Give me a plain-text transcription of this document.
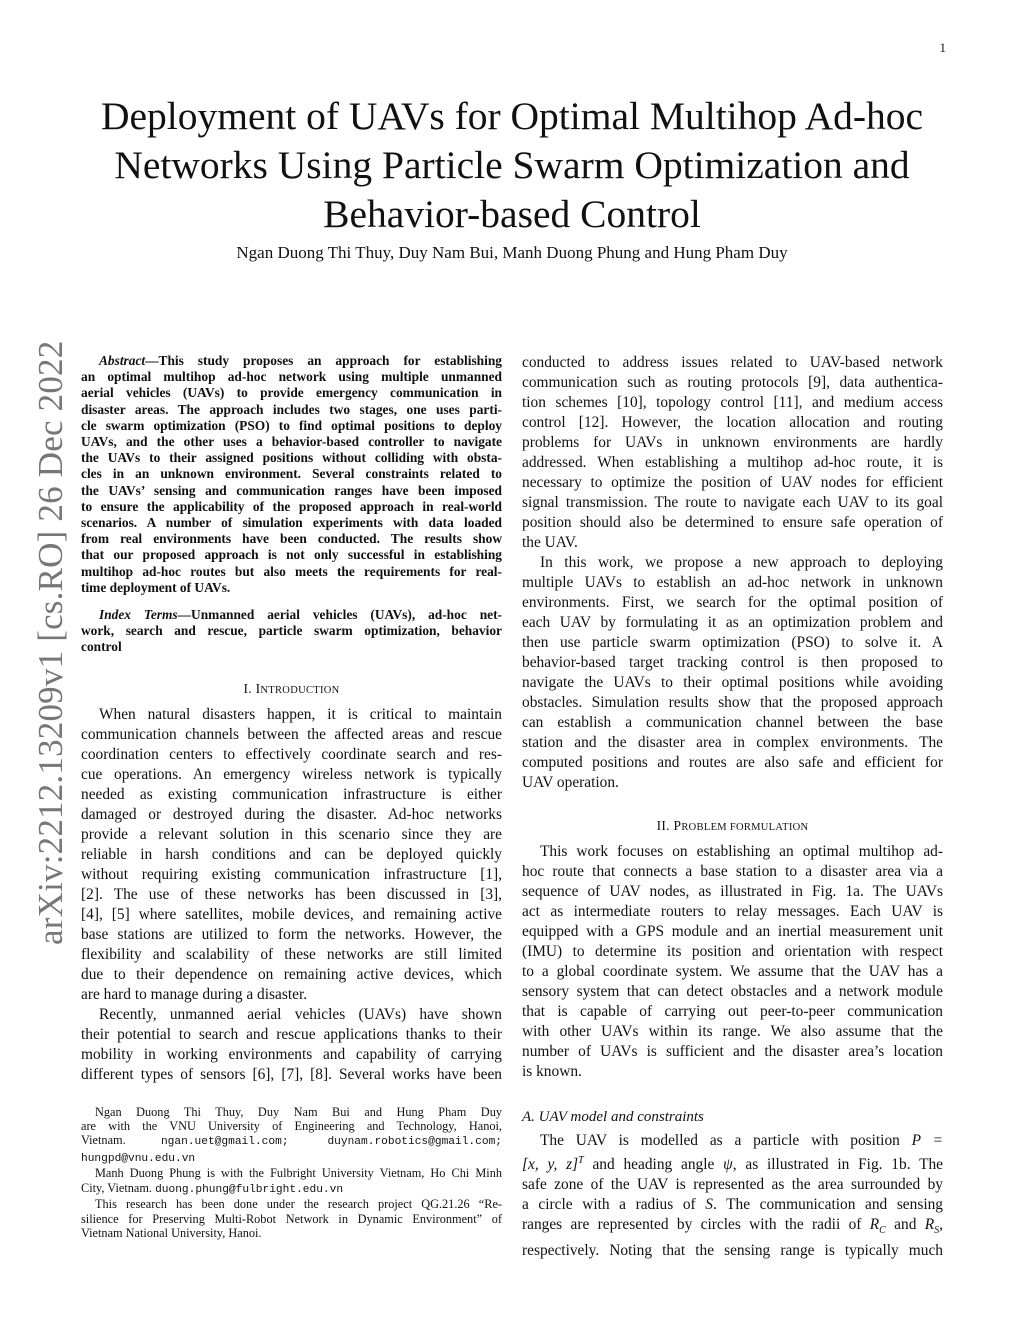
1
Deployment of UAVs for Optimal Multihop Ad-hoc
Networks Using Particle Swarm Optimization and
Behavior-based Control
Ngan Duong Thi Thuy, Duy Nam Bui, Manh Duong Phung and Hung Pham Duy
arXiv:2212.13209v1 [cs.RO] 26 Dec 2022	Abstract—This study proposes an approach for establishing
an optimal multihop ad-hoc network using multiple unmanned
aerial vehicles (UAVs) to provide emergency communication in
disaster areas. The approach includes two stages, one uses parti-
cle swarm optimization (PSO) to find optimal positions to deploy
UAVs, and the other uses a behavior-based controller to navigate
the UAVs to their assigned positions without colliding with obsta-
cles in an unknown environment. Several constraints related to
the UAVs’ sensing and communication ranges have been imposed
to ensure the applicability of the proposed approach in real-world
scenarios. A number of simulation experiments with data loaded
from real environments have been conducted. The results show
that our proposed approach is not only successful in establishing
multihop ad-hoc routes but also meets the requirements for real-
time deployment of UAVs.
Index Terms—Unmanned aerial vehicles (UAVs), ad-hoc net-
work, search and rescue, particle swarm optimization, behavior
control
I. INTRODUCTION
When natural disasters happen, it is critical to maintain
communication channels between the affected areas and rescue
coordination centers to effectively coordinate search and res-
cue operations. An emergency wireless network is typically
needed as existing communication infrastructure is either
damaged or destroyed during the disaster. Ad-hoc networks
provide a relevant solution in this scenario since they are
reliable in harsh conditions and can be deployed quickly
without requiring existing communication infrastructure [1],
[2]. The use of these networks has been discussed in [3],
[4], [5] where satellites, mobile devices, and remaining active
base stations are utilized to form the networks. However, the
flexibility and scalability of these networks are still limited
due to their dependence on remaining active devices, which
are hard to manage during a disaster.
Recently, unmanned aerial vehicles (UAVs) have shown
their potential to search and rescue applications thanks to their
mobility in working environments and capability of carrying
different types of sensors [6], [7], [8]. Several works have been
Ngan Duong Thi Thuy, Duy Nam Bui and Hung Pham Duy
are with the VNU University of Engineering and Technology, Hanoi,
Vietnam. ngan.uet@gmail.com; duynam.robotics@gmail.com;
hungpd@vnu.edu.vn
Manh Duong Phung is with the Fulbright University Vietnam, Ho Chi Minh
City, Vietnam. duong.phung@fulbright.edu.vn
This research has been done under the research project QG.21.26 “Re-
silience for Preserving Multi-Robot Network in Dynamic Environment” of
Vietnam National University, Hanoi.
conducted to address issues related to UAV-based network
communication such as routing protocols [9], data authentica-
tion schemes [10], topology control [11], and medium access
control [12]. However, the location allocation and routing
problems for UAVs in unknown environments are hardly
addressed. When establishing a multihop ad-hoc route, it is
necessary to optimize the position of UAV nodes for efficient
signal transmission. The route to navigate each UAV to its goal
position should also be determined to ensure safe operation of
the UAV.
In this work, we propose a new approach to deploying
multiple UAVs to establish an ad-hoc network in unknown
environments. First, we search for the optimal position of
each UAV by formulating it as an optimization problem and
then use particle swarm optimization (PSO) to solve it. A
behavior-based target tracking control is then proposed to
navigate the UAVs to their optimal positions while avoiding
obstacles. Simulation results show that the proposed approach
can establish a communication channel between the base
station and the disaster area in complex environments. The
computed positions and routes are also safe and efficient for
UAV operation.
II. PROBLEM FORMULATION
This work focuses on establishing an optimal multihop ad-
hoc route that connects a base station to a disaster area via a
sequence of UAV nodes, as illustrated in Fig. 1a. The UAVs
act as intermediate routers to relay messages. Each UAV is
equipped with a GPS module and an inertial measurement unit
(IMU) to determine its position and orientation with respect
to a global coordinate system. We assume that the UAV has a
sensory system that can detect obstacles and a network module
that is capable of carrying out peer-to-peer communication
with other UAVs within its range. We also assume that the
number of UAVs is sufficient and the disaster area’s location
is known.
A. UAV model and constraints
The UAV is modelled as a particle with position P =
[x, y, z]$^T$ and heading angle ψ, as illustrated in Fig. 1b. The
safe zone of the UAV is represented as the area surrounded by
a circle with a radius of S. The communication and sensing
ranges are represented by circles with the radii of $R_C$ and $R_S$,
respectively. Noting that the sensing range is typically much
